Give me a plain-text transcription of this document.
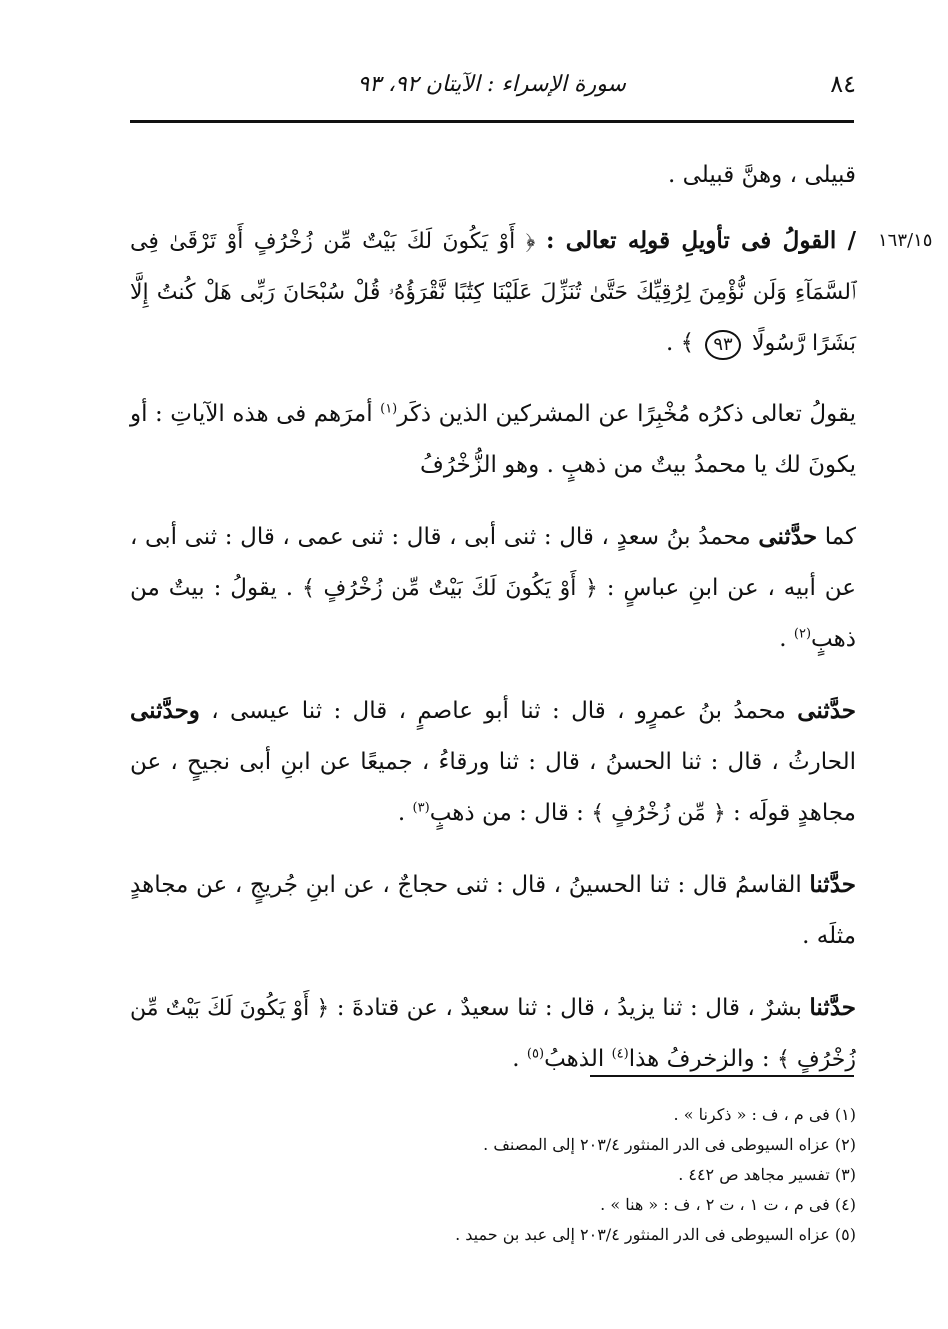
٨٤
سورة الإسراء : الآيتان ٩٢، ٩٣
١٦٣/١٥

قبيلى ، وهنَّ قبيلى .

/ القولُ فى تأويلِ قولِه تعالى : ﴿ أَوْ يَكُونَ لَكَ بَيْتٌ مِّن زُخْرُفٍ أَوْ تَرْقَىٰ فِى ٱلسَّمَآءِ وَلَن نُّؤْمِنَ لِرُقِيِّكَ حَتَّىٰ تُنَزِّلَ عَلَيْنَا كِتَٰبًا نَّقْرَؤُهُۥ قُلْ سُبْحَانَ رَبِّى هَلْ كُنتُ إِلَّا بَشَرًا رَّسُولًا ٩٣ ﴾ .

يقولُ تعالى ذكرُه مُخْبِرًا عن المشركين الذين ذكَر$^{(١)}$ أمرَهم فى هذه الآياتِ : أو يكونَ لك يا محمدُ بيتٌ من ذهبٍ . وهو الزُّخْرُفُ

كما حدَّثنى محمدُ بنُ سعدٍ ، قال : ثنى أبى ، قال : ثنى عمى ، قال : ثنى أبى ، عن أبيه ، عن ابنِ عباسٍ : ﴿ أَوْ يَكُونَ لَكَ بَيْتٌ مِّن زُخْرُفٍ ﴾ . يقولُ : بيتٌ من ذهبٍ$^{(٢)}$ .

حدَّثنى محمدُ بنُ عمرٍو ، قال : ثنا أبو عاصمٍ ، قال : ثنا عيسى ، وحدَّثنى الحارثُ ، قال : ثنا الحسنُ ، قال : ثنا ورقاءُ ، جميعًا عن ابنِ أبى نجيحٍ ، عن مجاهدٍ قولَه : ﴿ مِّن زُخْرُفٍ ﴾ : قال : من ذهبٍ$^{(٣)}$ .

حدَّثنا القاسمُ قال : ثنا الحسينُ ، قال : ثنى حجاجٌ ، عن ابنِ جُريجٍ ، عن مجاهدٍ مثلَه .

حدَّثنا بشرٌ ، قال : ثنا يزيدُ ، قال : ثنا سعيدٌ ، عن قتادةَ : ﴿ أَوْ يَكُونَ لَكَ بَيْتٌ مِّن زُخْرُفٍ ﴾ : والزخرفُ هذا$^{(٤)}$ الذهبُ$^{(٥)}$ .

(١) فى م ، ف : « ذكرنا » .

(٢) عزاه السيوطى فى الدر المنثور ٢٠٣/٤ إلى المصنف .

(٣) تفسير مجاهد ص ٤٤٢ .

(٤) فى م ، ت ١ ، ت ٢ ، ف : « هنا » .

(٥) عزاه السيوطى فى الدر المنثور ٢٠٣/٤ إلى عبد بن حميد .
